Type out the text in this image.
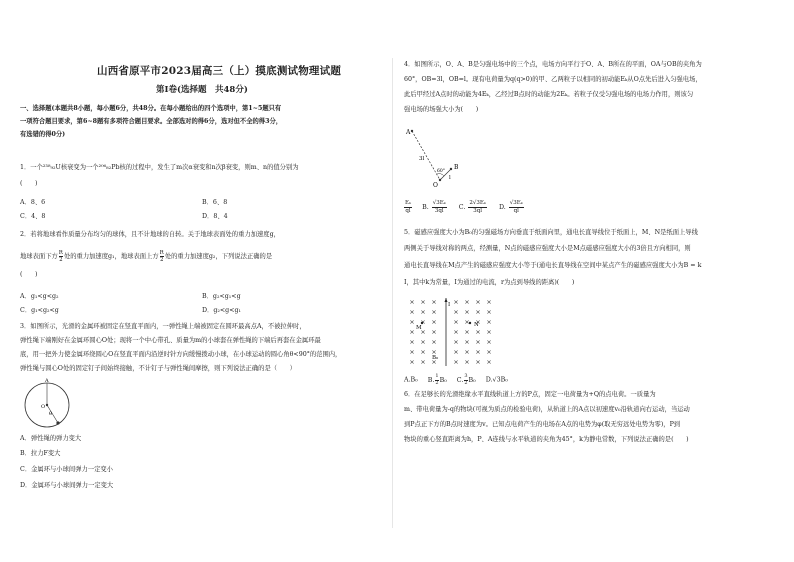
山西省原平市2023届高三（上）摸底测试物理试题
第Ⅰ卷(选择题　共48分)
一、选择题(本题共8小题，每小题6分，共48分。在每小题给出的四个选项中，第1~5题只有
一项符合题目要求，第6~8题有多项符合题目要求。全部选对的得6分，选对但不全的得3分，
有选错的得0分)
1．一个²³⁸₉₂U核衰变为一个²⁰⁶₈₂Pb核的过程中，发生了m次α衰变和n次β衰变，则m、n的值分别为
(　　)
A．8、6	B．6、8
C．4、8	D．8、4
2．若将地球看作质量分布均匀的球体，且不计地球的自转。关于地球表面处的重力加速度g，
地球表面下方 $\frac{R}{2}$ 处的重力加速度g₁，地球表面上方 $\frac{R}{2}$ 处的重力加速度g₂，下列说法正确的是
(　　)
A．g₁<g<g₂	B．g₂<g₁<g
C．g₁<g₂<g	D．g₂<g<g₁
3．如图所示，光滑的金属环被固定在竖直平面内，一弹性绳上端被固定在圆环最高点A，不被拉伸时，
弹性绳下端刚好在金属环圆心O处；现将一个中心带孔、质量为m的小球套在弹性绳的下端后再套在金属环最
底，用一把外力使金属环绕圆心O在竖直平面内沿逆时针方向缓慢拨动小球，在小球运动的圆心角θ<90°的范围内，
弹性绳与圆心O处的固定钉子间始终接触，不计钉子与弹性绳间摩擦，则下列说法正确的是（　　）
A
O
θ
A．弹性绳的弹力变大
B．拉力F变大
C．金属环与小球间弹力一定变小
D．金属环与小球间弹力一定变大
4．如图所示，O、A、B是匀强电场中的三个点，电场方向平行于O、A、B所在的平面，OA与OB的夹角为
60°，OB=3l，OB=l。现有电荷量为q(q>0)的甲、乙两粒子以相同的初动能Eₖ从O点先后进入匀强电场，
此后甲经过A点时的动能为4Eₖ，乙经过B点时的动能为2Eₖ。若粒子仅受匀强电场的电场力作用，则该匀
强电场的场强大小为(　　)
A
B
O
3l
l
60°
$\frac{\text{Eₖ}}{ql} B$. $\frac{\text{√3Eₖ}}{3ql} C$. $\frac{\text{2√3Eₖ}}{3ql} D$. $\frac{\text{√3Eₖ}}{ql}$
5．磁感应强度大小为B₀的匀强磁场方向垂直于纸面向里，通电长直导线位于纸面上，M、N是纸面上导线
两侧关于导线对称的两点，经测量，N点的磁感应强度大小是M点磁感应强度大小的3倍且方向相同，则
通电长直导线在M点产生的磁感应强度大小等于(通电长直导线在空间中某点产生的磁感应强度大小为B = k
I，其中k为常量，I为通过的电流，r为点到导线的距离)(　　)
I
M	N
B₀
A.B₀ B. $\frac{1}{2} B_0$ C. $\frac{3}{2} B_0$ D.√3B₀
6．在足够长的光滑绝缘水平直线轨道上方的P点，固定一电荷量为+Q的点电荷。一质量为
m、带电荷量为-q的物块(可视为质点的检验电荷)，从轨道上的A点以初速度v₀沿轨道向右运动，当运动
到P点正下方的B点时速度为v。已知点电荷产生的电场在A点的电势为φ(取无穷远处电势为零)，P到
物块的重心竖直距离为h，P、A连线与水平轨道的夹角为45°，k为静电常数，下列说法正确的是(　　)
